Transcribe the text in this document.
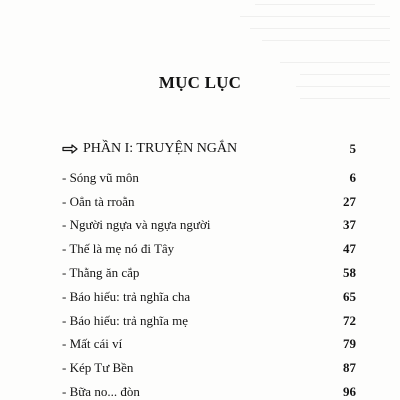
MỤC LỤC
PHẦN I: TRUYỆN NGẮN	5
- Sóng vũ môn	6
- Oẳn tà rroằn	27
- Người ngựa và ngựa người	37
- Thế là mẹ nó đi Tây	47
- Thằng ăn cắp	58
- Báo hiếu: trả nghĩa cha	65
- Báo hiếu: trả nghĩa mẹ	72
- Mất cái ví	79
- Kép Tư Bền	87
- Bữa no... đòn	96
